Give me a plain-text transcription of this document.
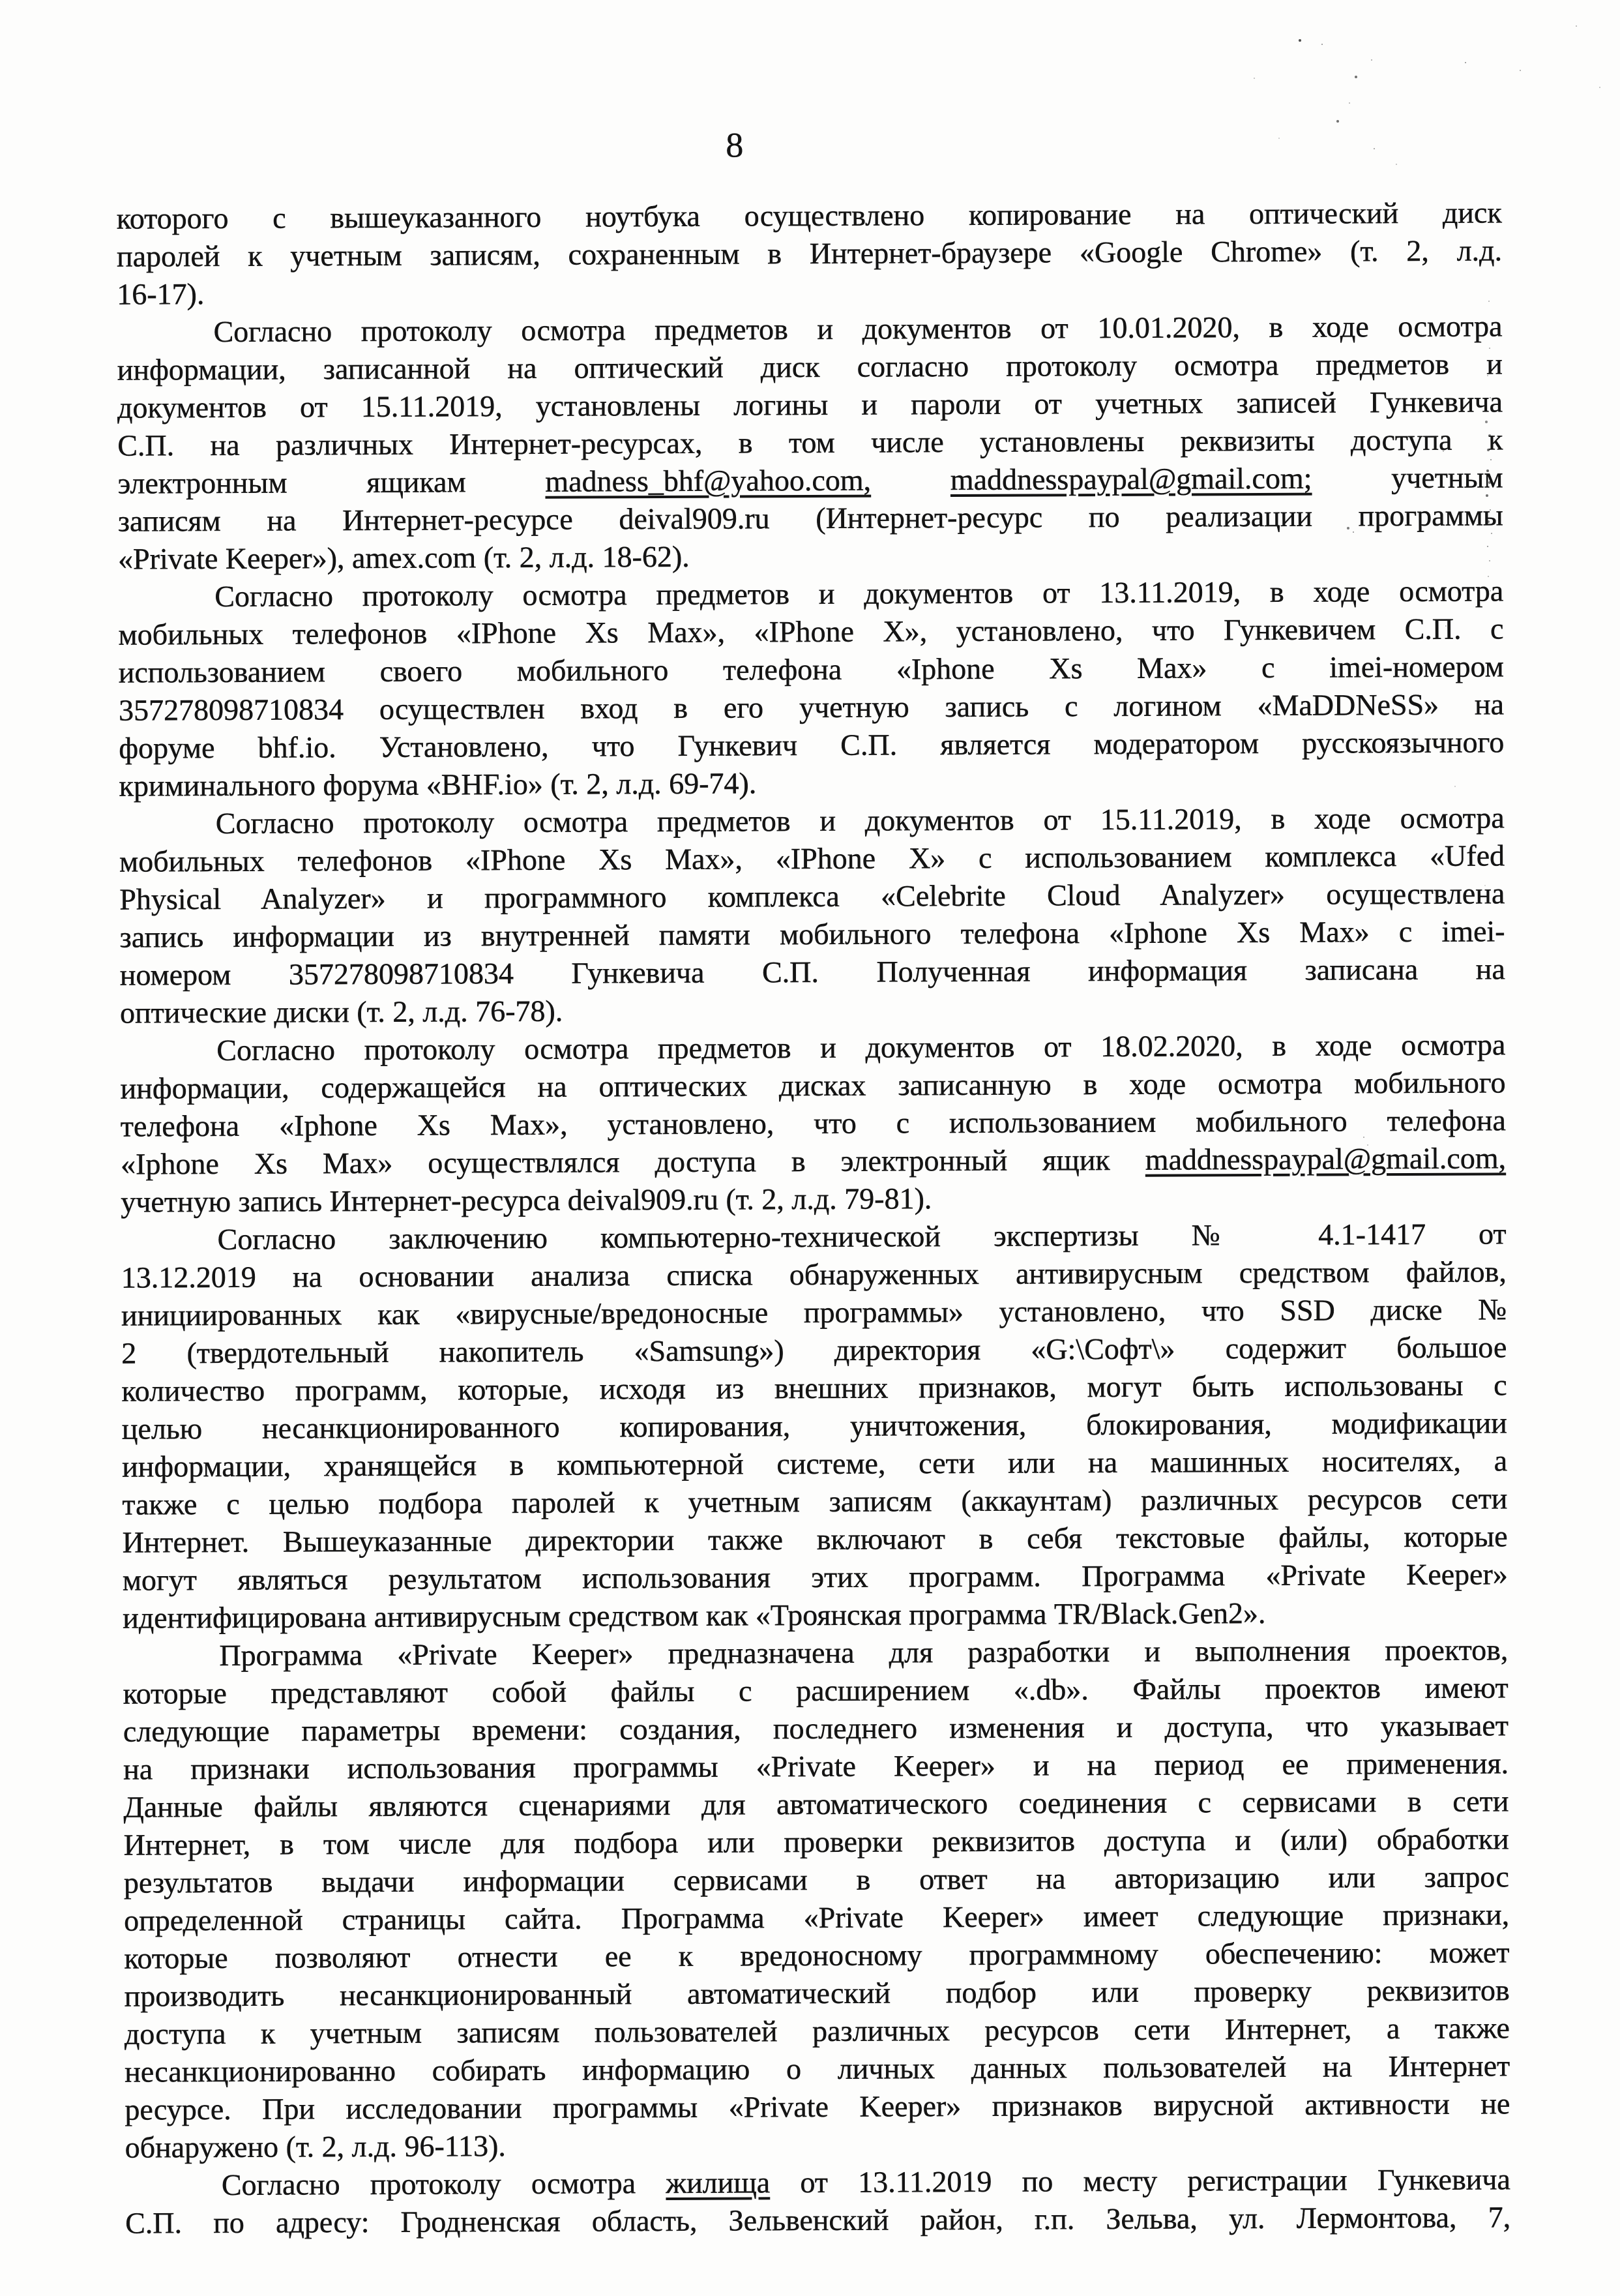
8
которого с вышеуказанного ноутбука осуществлено копирование на оптический диск
паролей к учетным записям, сохраненным в Интернет-браузере «Google Chrome» (т. 2, л.д.
16-17).
Согласно протоколу осмотра предметов и документов от 10.01.2020, в ходе осмотра
информации, записанной на оптический диск согласно протоколу осмотра предметов и
документов от 15.11.2019, установлены логины и пароли от учетных записей Гункевича
С.П. на различных Интернет-ресурсах, в том числе установлены реквизиты доступа к
электронным ящикам madness_bhf@yahoo.com,	maddnesspaypal@gmail.com; учетным
записям на Интернет-ресурсе deival909.ru (Интернет-ресурс по реализации программы
«Private Keeper»), amex.com (т. 2, л.д. 18-62).
Согласно протоколу осмотра предметов и документов от 13.11.2019, в ходе осмотра
мобильных телефонов «IPhone Xs Max», «IPhone X», установлено, что Гункевичем С.П. с
использованием своего мобильного телефона «Iphone Xs Max» с imei-номером
357278098710834 осуществлен вход в его учетную запись с логином «MaDDNeSS» на
форуме bhf.io. Установлено, что Гункевич С.П. является модератором русскоязычного
криминального форума «BHF.io» (т. 2, л.д. 69-74).
Согласно протоколу осмотра предметов и документов от 15.11.2019, в ходе осмотра
мобильных телефонов «IPhone Xs Max», «IPhone X» с использованием комплекса «Ufed
Physical Analyzer» и программного комплекса «Celebrite Cloud Analyzer» осуществлена
запись информации из внутренней памяти мобильного телефона «Iphone Xs Max» с imei-
номером 357278098710834 Гункевича С.П. Полученная информация записана на
оптические диски (т. 2, л.д. 76-78).
Согласно протоколу осмотра предметов и документов от 18.02.2020, в ходе осмотра
информации, содержащейся на оптических дисках записанную в ходе осмотра мобильного
телефона «Iphone Xs Max», установлено, что с использованием мобильного телефона
«Iphone Xs Max» осуществлялся доступа в электронный ящик maddnesspaypal@gmail.com,
учетную запись Интернет-ресурса deival909.ru (т. 2, л.д. 79-81).
Согласно заключению компьютерно-технической экспертизы № 4.1-1417 от
13.12.2019 на основании анализа списка обнаруженных антивирусным средством файлов,
инициированных как «вирусные/вредоносные программы» установлено, что SSD диске №
2 (твердотельный накопитель «Samsung») директория «G:\Софт\» содержит большое
количество программ, которые, исходя из внешних признаков, могут быть использованы с
целью несанкционированного копирования, уничтожения, блокирования, модификации
информации, хранящейся в компьютерной системе, сети или на машинных носителях, а
также с целью подбора паролей к учетным записям (аккаунтам) различных ресурсов сети
Интернет. Вышеуказанные директории также включают в себя текстовые файлы, которые
могут являться результатом использования этих программ. Программа «Private Keeper»
идентифицирована антивирусным средством как «Троянская программа TR/Black.Gen2».
Программа «Private Keeper» предназначена для разработки и выполнения проектов,
которые представляют собой файлы с расширением «.db». Файлы проектов имеют
следующие параметры времени: создания, последнего изменения и доступа, что указывает
на признаки использования программы «Private Keeper» и на период ее применения.
Данные файлы являются сценариями для автоматического соединения с сервисами в сети
Интернет, в том числе для подбора или проверки реквизитов доступа и (или) обработки
результатов выдачи информации сервисами в ответ на авторизацию или запрос
определенной страницы сайта. Программа «Private Keeper» имеет следующие признаки,
которые позволяют отнести ее к вредоносному программному обеспечению: может
производить несанкционированный автоматический подбор или проверку реквизитов
доступа к учетным записям пользователей различных ресурсов сети Интернет, а также
несанкционированно собирать информацию о личных данных пользователей на Интернет
ресурсе. При исследовании программы «Private Keeper» признаков вирусной активности не
обнаружено (т. 2, л.д. 96-113).
Согласно протоколу осмотра жилища от 13.11.2019 по месту регистрации Гункевича
С.П. по адресу: Гродненская область, Зельвенский район, г.п. Зельва, ул. Лермонтова, 7,
